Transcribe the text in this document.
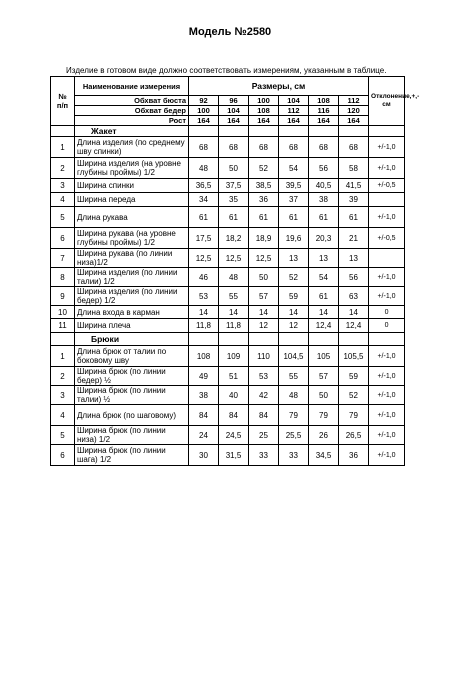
Модель №2580
Изделие в готовом виде должно соответствовать измерениям, указанным в таблице.
№
п/п	Наименование измерения	Размеры, см						Отклонение,+,- см
	Обхват бюста	92	96	100	104	108	112	
	Обхват бедер	100	104	108	112	116	120	
	Рост	164	164	164	164	164	164	
	Жакет							
1	Длина изделия (по среднему шву спинки)	68	68	68	68	68	68	+/-1,0
2	Ширина изделия (на уровне глубины проймы) 1/2	48	50	52	54	56	58	+/-1,0
3	Ширина спинки	36,5	37,5	38,5	39,5	40,5	41,5	+/-0,5
4	Ширина переда	34	35	36	37	38	39	
5	Длина рукава	61	61	61	61	61	61	+/-1,0
6	Ширина рукава (на уровне глубины проймы) 1/2	17,5	18,2	18,9	19,6	20,3	21	+/-0,5
7	Ширина рукава (по линии низа)1/2	12,5	12,5	12,5	13	13	13	
8	Ширина изделия (по линии талии) 1/2	46	48	50	52	54	56	+/-1,0
9	Ширина изделия (по линии бедер) 1/2	53	55	57	59	61	63	+/-1,0
10	Длина входа в карман	14	14	14	14	14	14	0
11	Ширина плеча	11,8	11,8	12	12	12,4	12,4	0
	Брюки							
1	Длина брюк от талии по боковому шву	108	109	110	104,5	105	105,5	+/-1,0
2	Ширина брюк (по линии бедер) ½	49	51	53	55	57	59	+/-1,0
3	Ширина брюк (по линии талии) ½	38	40	42	48	50	52	+/-1,0
4	Длина брюк (по шаговому)	84	84	84	79	79	79	+/-1,0
5	Ширина брюк (по линии низа) 1/2	24	24,5	25	25,5	26	26,5	+/-1,0
6	Ширина брюк (по линии шага) 1/2	30	31,5	33	33	34,5	36	+/-1,0
